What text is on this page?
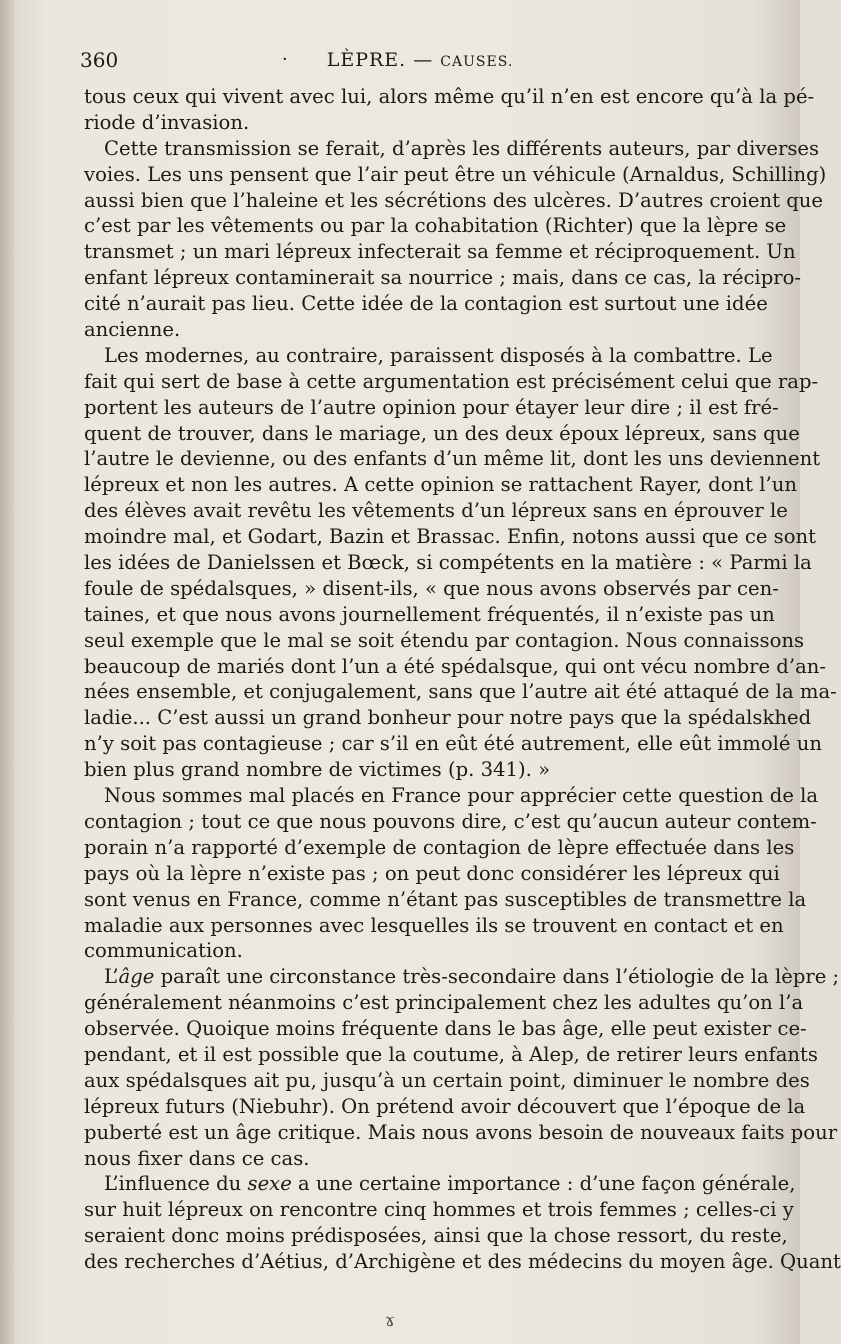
360	·	LÈPRE. — CAUSES.
tous ceux qui vivent avec lui, alors même qu’il n’en est encore qu’à la pé-
riode d’invasion.
Cette transmission se ferait, d’après les différents auteurs, par diverses
voies. Les uns pensent que l’air peut être un véhicule (Arnaldus, Schilling)
aussi bien que l’haleine et les sécrétions des ulcères. D’autres croient que
c’est par les vêtements ou par la cohabitation (Richter) que la lèpre se
transmet ; un mari lépreux infecterait sa femme et réciproquement. Un
enfant lépreux contaminerait sa nourrice ; mais, dans ce cas, la récipro-
cité n’aurait pas lieu. Cette idée de la contagion est surtout une idée
ancienne.
Les modernes, au contraire, paraissent disposés à la combattre. Le
fait qui sert de base à cette argumentation est précisément celui que rap-
portent les auteurs de l’autre opinion pour étayer leur dire ; il est fré-
quent de trouver, dans le mariage, un des deux époux lépreux, sans que
l’autre le devienne, ou des enfants d’un même lit, dont les uns deviennent
lépreux et non les autres. A cette opinion se rattachent Rayer, dont l’un
des élèves avait revêtu les vêtements d’un lépreux sans en éprouver le
moindre mal, et Godart, Bazin et Brassac. Enfin, notons aussi que ce sont
les idées de Danielssen et Bœck, si compétents en la matière : « Parmi la
foule de spédalsques, » disent-ils, « que nous avons observés par cen-
taines, et que nous avons journellement fréquentés, il n’existe pas un
seul exemple que le mal se soit étendu par contagion. Nous connaissons
beaucoup de mariés dont l’un a été spédalsque, qui ont vécu nombre d’an-
nées ensemble, et conjugalement, sans que l’autre ait été attaqué de la ma-
ladie... C’est aussi un grand bonheur pour notre pays que la spédalskhed
n’y soit pas contagieuse ; car s’il en eût été autrement, elle eût immolé un
bien plus grand nombre de victimes (p. 341). »
Nous sommes mal placés en France pour apprécier cette question de la
contagion ; tout ce que nous pouvons dire, c’est qu’aucun auteur contem-
porain n’a rapporté d’exemple de contagion de lèpre effectuée dans les
pays où la lèpre n’existe pas ; on peut donc considérer les lépreux qui
sont venus en France, comme n’étant pas susceptibles de transmettre la
maladie aux personnes avec lesquelles ils se trouvent en contact et en
communication.
L’âge paraît une circonstance très-secondaire dans l’étiologie de la lèpre ;
généralement néanmoins c’est principalement chez les adultes qu’on l’a
observée. Quoique moins fréquente dans le bas âge, elle peut exister ce-
pendant, et il est possible que la coutume, à Alep, de retirer leurs enfants
aux spédalsques ait pu, jusqu’à un certain point, diminuer le nombre des
lépreux futurs (Niebuhr). On prétend avoir découvert que l’époque de la
puberté est un âge critique. Mais nous avons besoin de nouveaux faits pour
nous fixer dans ce cas.
L’influence du sexe a une certaine importance : d’une façon générale,
sur huit lépreux on rencontre cinq hommes et trois femmes ; celles-ci y
seraient donc moins prédisposées, ainsi que la chose ressort, du reste,
des recherches d’Aétius, d’Archigène et des médecins du moyen âge. Quant
ɤ
